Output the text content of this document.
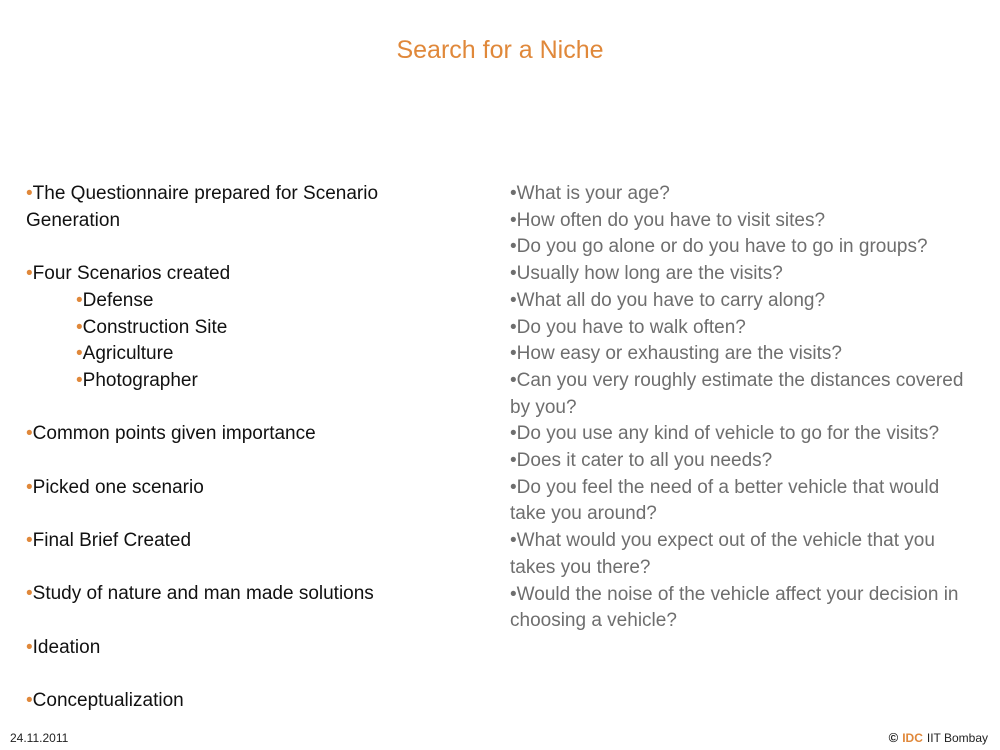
Search for a Niche
•The Questionnaire prepared for Scenario Generation
•Four Scenarios created
•Defense
•Construction Site
•Agriculture
•Photographer
•Common points given importance
•Picked one scenario
•Final Brief Created
•Study of nature and man made solutions
•Ideation
•Conceptualization
•What is your age?
•How often do you have to visit sites?
•Do you go alone or do you have to go in groups?
•Usually how long are the visits?
•What all do you have to carry along?
•Do you have to walk often?
•How easy or exhausting are the visits?
•Can you very roughly estimate the distances covered by you?
•Do you use any kind of vehicle to go for the visits?
•Does it cater to all you needs?
•Do you feel the need of a better vehicle that would take you around?
•What would you expect out of the vehicle that you takes you there?
•Would the noise of the vehicle affect your decision in choosing a vehicle?
24.11.2011	© IDC IIT Bombay
